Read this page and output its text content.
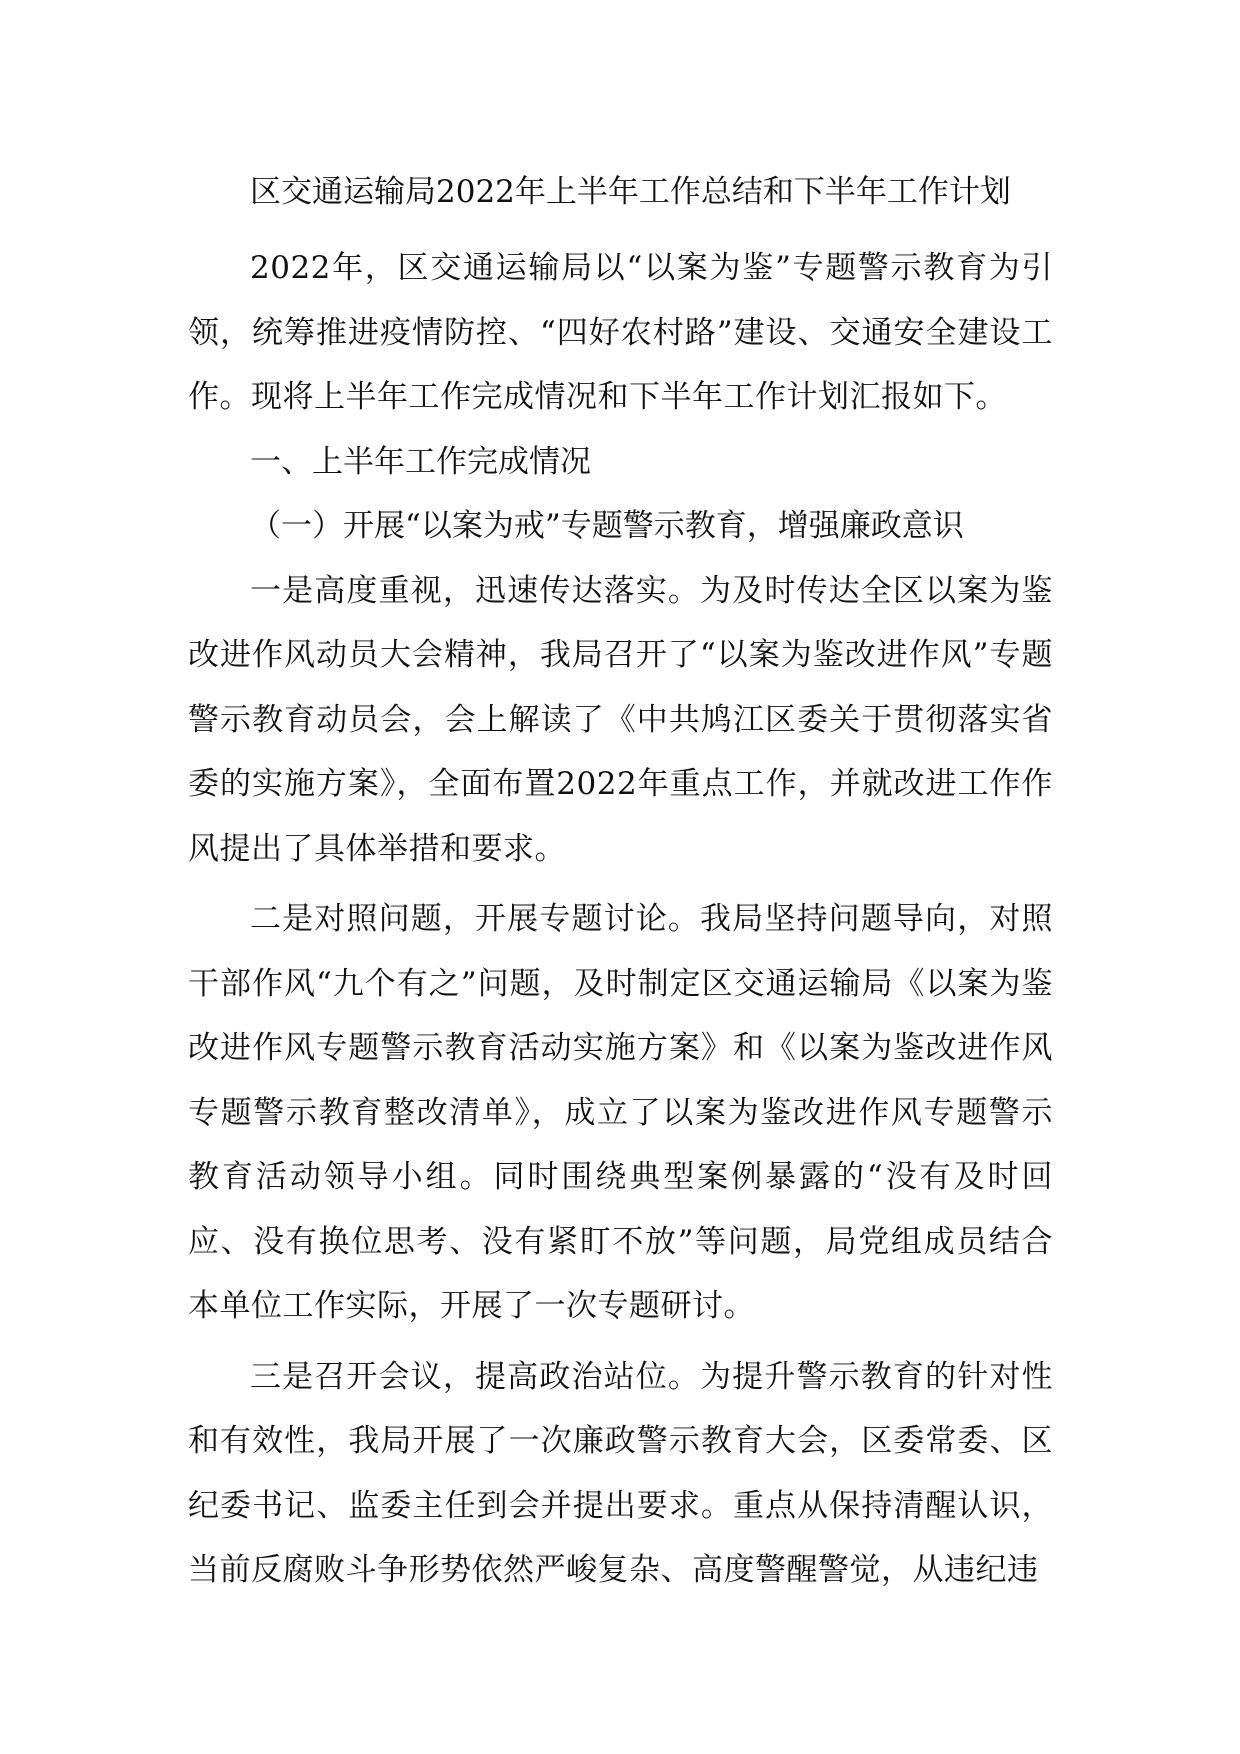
区交通运输局2022年上半年工作总结和下半年工作计划

2022年，区交通运输局以“以案为鉴”专题警示教育为引领，统筹推进疫情防控、“四好农村路”建设、交通安全建设工作。现将上半年工作完成情况和下半年工作计划汇报如下。

一、上半年工作完成情况

（一）开展“以案为戒”专题警示教育，增强廉政意识

一是高度重视，迅速传达落实。为及时传达全区以案为鉴改进作风动员大会精神，我局召开了“以案为鉴改进作风”专题警示教育动员会，会上解读了《中共鸠江区委关于贯彻落实省委的实施方案》，全面布置2022年重点工作，并就改进工作作风提出了具体举措和要求。

二是对照问题，开展专题讨论。我局坚持问题导向，对照干部作风“九个有之”问题，及时制定区交通运输局《以案为鉴改进作风专题警示教育活动实施方案》和《以案为鉴改进作风专题警示教育整改清单》，成立了以案为鉴改进作风专题警示教育活动领导小组。同时围绕典型案例暴露的“没有及时回应、没有换位思考、没有紧盯不放”等问题，局党组成员结合本单位工作实际，开展了一次专题研讨。

三是召开会议，提高政治站位。为提升警示教育的针对性和有效性，我局开展了一次廉政警示教育大会，区委常委、区纪委书记、监委主任到会并提出要求。重点从保持清醒认识，当前反腐败斗争形势依然严峻复杂、高度警醒警觉，从违纪违
